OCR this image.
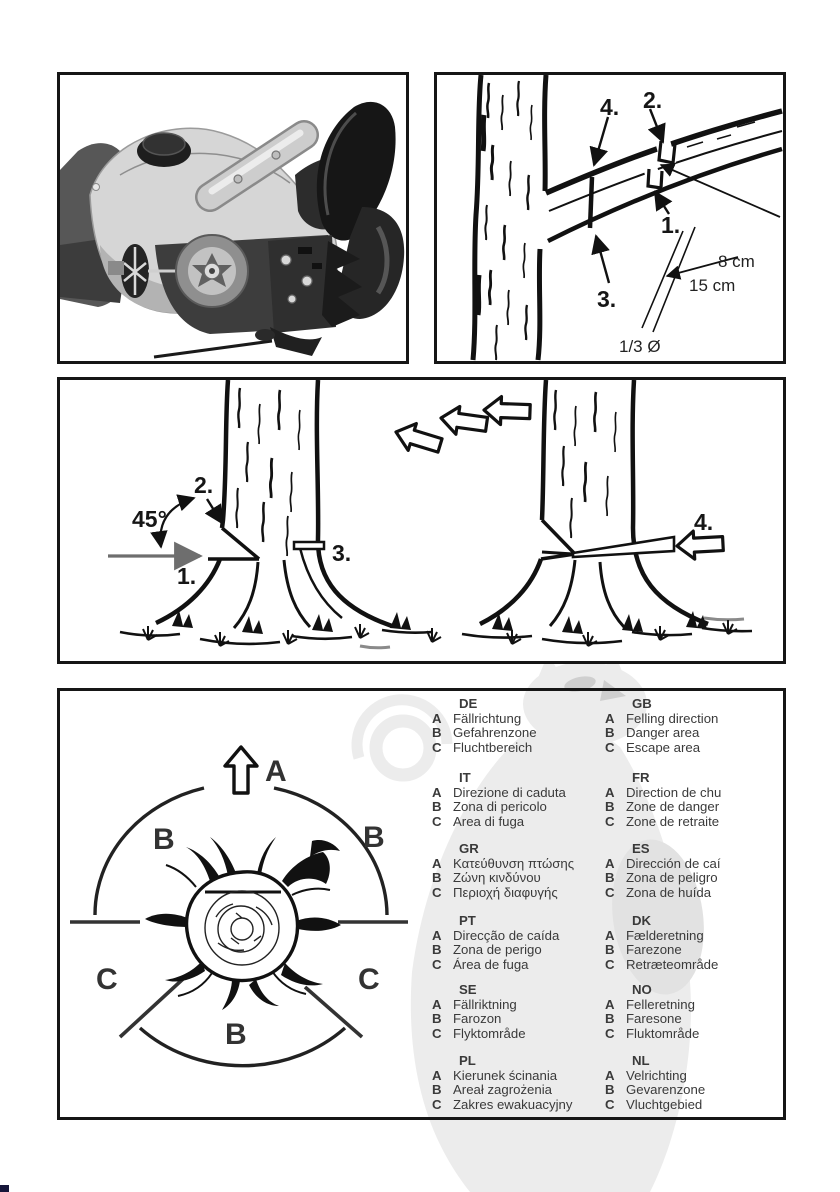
4. 2.
1.
3.
8 cm
15 cm
1/3 Ø
45°
2.
1.
3.
4.
A
B	B
C	C
B
DE
A Fällrichtung
B Gefahrenzone
C Fluchtbereich
GB
A Felling direction
B Danger area
C Escape area
IT
A Direzione di caduta
B Zona di pericolo
C Area di fuga
FR
A Direction de chu
B Zone de danger
C Zone de retraite
GR
A Κατεύθυνση πτώσης
B Ζώνη κινδύνου
C Περιοχή διαφυγής
ES
A Dirección de caí
B Zona de peligro
C Zona de huída
PT
A Direcção de caída
B Zona de perigo
C Área de fuga
DK
A Fælderetning
B Farezone
C Retræteområde
SE
A Fällriktning
B Farozon
C Flyktområde
NO
A Felleretning
B Faresone
C Fluktområde
PL
A Kierunek ścinania
B Areał zagrożenia
C Zakres ewakuacyjny
NL
A Velrichting
B Gevarenzone
C Vluchtgebied
